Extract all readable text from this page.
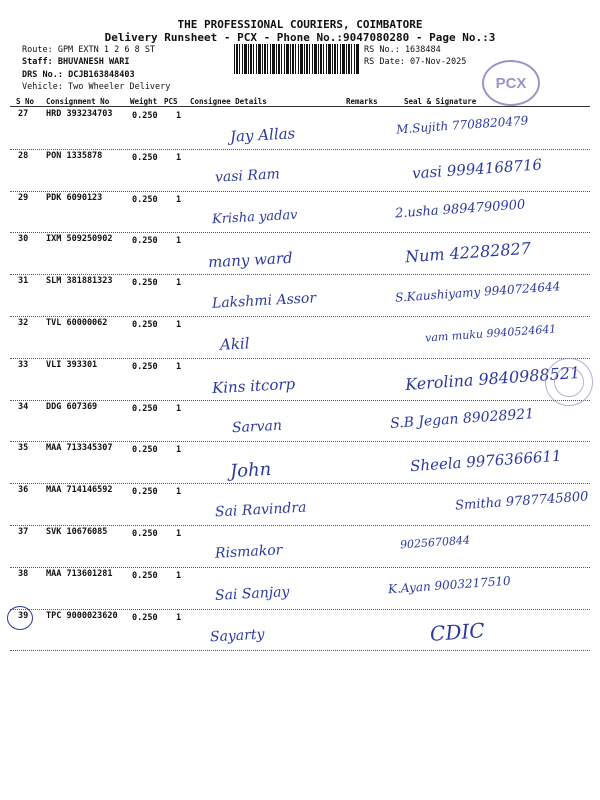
THE PROFESSIONAL COURIERS, COIMBATORE
Delivery Runsheet - PCX - Phone No.:9047080280 - Page No.:3
Route: GPM EXTN 1 2 6 8 ST
Staff: BHUVANESH WARI
DRS No.: DCJB163848403
Vehicle: Two Wheeler Delivery
RS No.: 1638484
RS Date: 07-Nov-2025
PCX
S No Consignment No	Weight PCS Consignee Details	Remarks	Seal & Signature
27 HRD 393234703 0.250 1
Jay Allas	M.Sujith 7708820479
28 PON 1335878	0.250 1
vasi Ram	vasi 9994168716
29 PDK 6090123	0.250 1
Krisha yadav	2.usha 9894790900
30 IXM 509250902 0.250 1
many ward	Num 42282827
31 SLM 381881323 0.250 1
Lakshmi Assor	S.Kaushiyamy 9940724644
32 TVL 60000062	0.250 1
Akil	vam muku 9940524641
33 VLI 393301	0.250 1
Kins itcorp	Kerolina 9840988521
34 DDG 607369	0.250 1
Sarvan	S.B Jegan 89028921
35 MAA 713345307 0.250 1
John	Sheela 9976366611
36 MAA 714146592 0.250 1
Sai Ravindra	Smitha 9787745800
37 SVK 10676085	0.250 1
Rismakor	9025670844
38 MAA 713601281 0.250 1
Sai Sanjay	K.Ayan 9003217510
39 TPC 9000023620 0.250 1
Sayarty	CDIC
